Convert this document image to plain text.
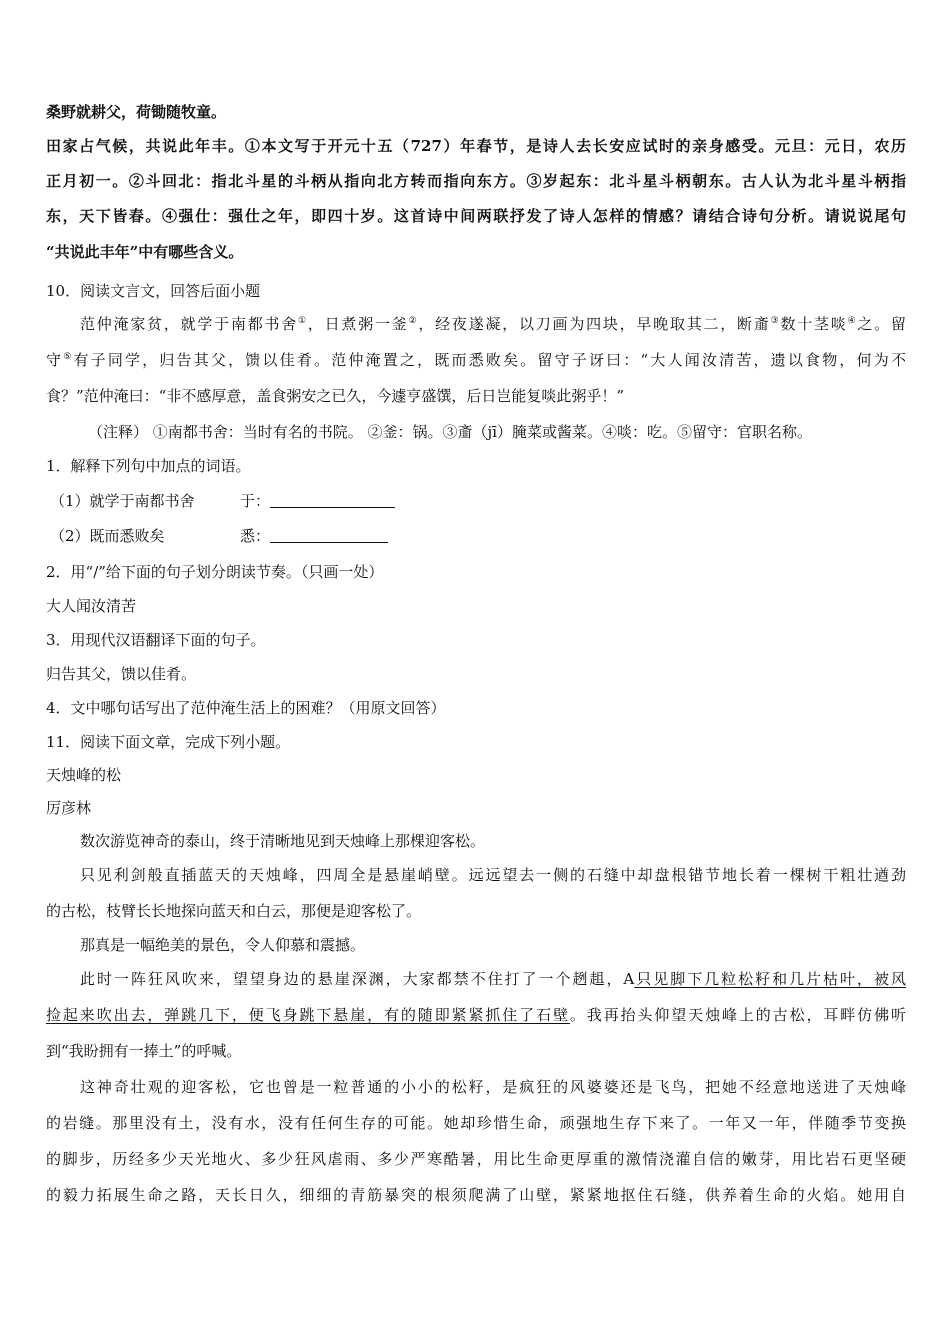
桑野就耕父，荷锄随牧童。
田家占气候，共说此年丰。①本文写于开元十五（727）年春节，是诗人去长安应试时的亲身感受。元旦：元日，农历
正月初一。②斗回北：指北斗星的斗柄从指向北方转而指向东方。③岁起东：北斗星斗柄朝东。古人认为北斗星斗柄指
东，天下皆春。④强仕：强仕之年，即四十岁。这首诗中间两联抒发了诗人怎样的情感？请结合诗句分析。请说说尾句
“共说此丰年”中有哪些含义。
10．阅读文言文，回答后面小题
范仲淹家贫，就学于南都书舍①，日煮粥一釜②，经夜遂凝，以刀画为四块，早晚取其二，断齑③数十茎啖④之。留
守⑤有子同学，归告其父，馈以佳肴。范仲淹置之，既而悉败矣。留守子讶曰：“大人闻汝清苦，遗以食物，何为不
食？”范仲淹曰：“非不感厚意，盖食粥安之已久，今遽亨盛馔，后日岂能复啖此粥乎！”
（注释） ①南都书舍：当时有名的书院。 ②釜：锅。③齑（jī）腌菜或酱菜。④啖：吃。⑤留守：官职名称。
1．解释下列句中加点的词语。
（1）就学于南都书舍	于：
（2）既而悉败矣	悉：
2．用“/”给下面的句子划分朗读节奏。（只画一处）
大人闻汝清苦
3．用现代汉语翻译下面的句子。
归告其父，馈以佳肴。
4．文中哪句话写出了范仲淹生活上的困难？（用原文回答）
11．阅读下面文章，完成下列小题。
天烛峰的松
厉彦林
数次游览神奇的泰山，终于清晰地见到天烛峰上那棵迎客松。
只见利剑般直插蓝天的天烛峰，四周全是悬崖峭壁。远远望去一侧的石缝中却盘根错节地长着一棵树干粗壮遒劲
的古松，枝臂长长地探向蓝天和白云，那便是迎客松了。
那真是一幅绝美的景色，令人仰慕和震撼。
此时一阵狂风吹来，望望身边的悬崖深渊，大家都禁不住打了一个趔趄，A只见脚下几粒松籽和几片枯叶，被风
捡起来吹出去，弹跳几下，便飞身跳下悬崖，有的随即紧紧抓住了石壁。我再抬头仰望天烛峰上的古松，耳畔仿佛听
到“我盼拥有一捧土”的呼喊。
这神奇壮观的迎客松，它也曾是一粒普通的小小的松籽，是疯狂的风婆婆还是飞鸟，把她不经意地送进了天烛峰
的岩缝。那里没有土，没有水，没有任何生存的可能。她却珍惜生命，顽强地生存下来了。一年又一年，伴随季节变换
的脚步，历经多少天光地火、多少狂风虐雨、多少严寒酷暑，用比生命更厚重的激情浇灌自信的嫩芽，用比岩石更坚硬
的毅力拓展生命之路，天长日久，细细的青筋暴突的根须爬满了山壁，紧紧地抠住石缝，供养着生命的火焰。她用自
